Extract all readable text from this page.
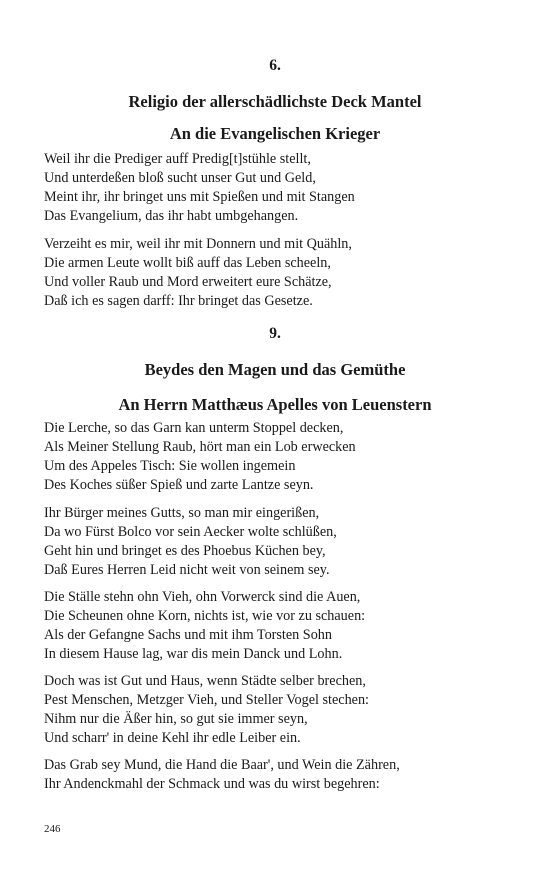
6.
Religio der allerschädlichste Deck Mantel
An die Evangelischen Krieger
Weil ihr die Prediger auff Predig[t]stühle stellt,
Und unterdeßen bloß sucht unser Gut und Geld,
Meint ihr, ihr bringet uns mit Spießen und mit Stangen
Das Evangelium, das ihr habt umbgehangen.
Verzeiht es mir, weil ihr mit Donnern und mit Quähln,
Die armen Leute wollt biß auff das Leben scheeln,
Und voller Raub und Mord erweitert eure Schätze,
Daß ich es sagen darff: Ihr bringet das Gesetze.
9.
Beydes den Magen und das Gemüthe
An Herrn Matthæus Apelles von Leuenstern
Die Lerche, so das Garn kan unterm Stoppel decken,
Als Meiner Stellung Raub, hört man ein Lob erwecken
Um des Appeles Tisch: Sie wollen ingemein
Des Koches süßer Spieß und zarte Lantze seyn.
Ihr Bürger meines Gutts, so man mir eingerißen,
Da wo Fürst Bolco vor sein Aecker wolte schlüßen,
Geht hin und bringet es des Phoebus Küchen bey,
Daß Eures Herren Leid nicht weit von seinem sey.
Die Ställe stehn ohn Vieh, ohn Vorwerck sind die Auen,
Die Scheunen ohne Korn, nichts ist, wie vor zu schauen:
Als der Gefangne Sachs und mit ihm Torsten Sohn
In diesem Hause lag, war dis mein Danck und Lohn.
Doch was ist Gut und Haus, wenn Städte selber brechen,
Pest Menschen, Metzger Vieh, und Steller Vogel stechen:
Nihm nur die Äßer hin, so gut sie immer seyn,
Und scharr' in deine Kehl ihr edle Leiber ein.
Das Grab sey Mund, die Hand die Baar', und Wein die Zähren,
Ihr Andenckmahl der Schmack und was du wirst begehren:

246
